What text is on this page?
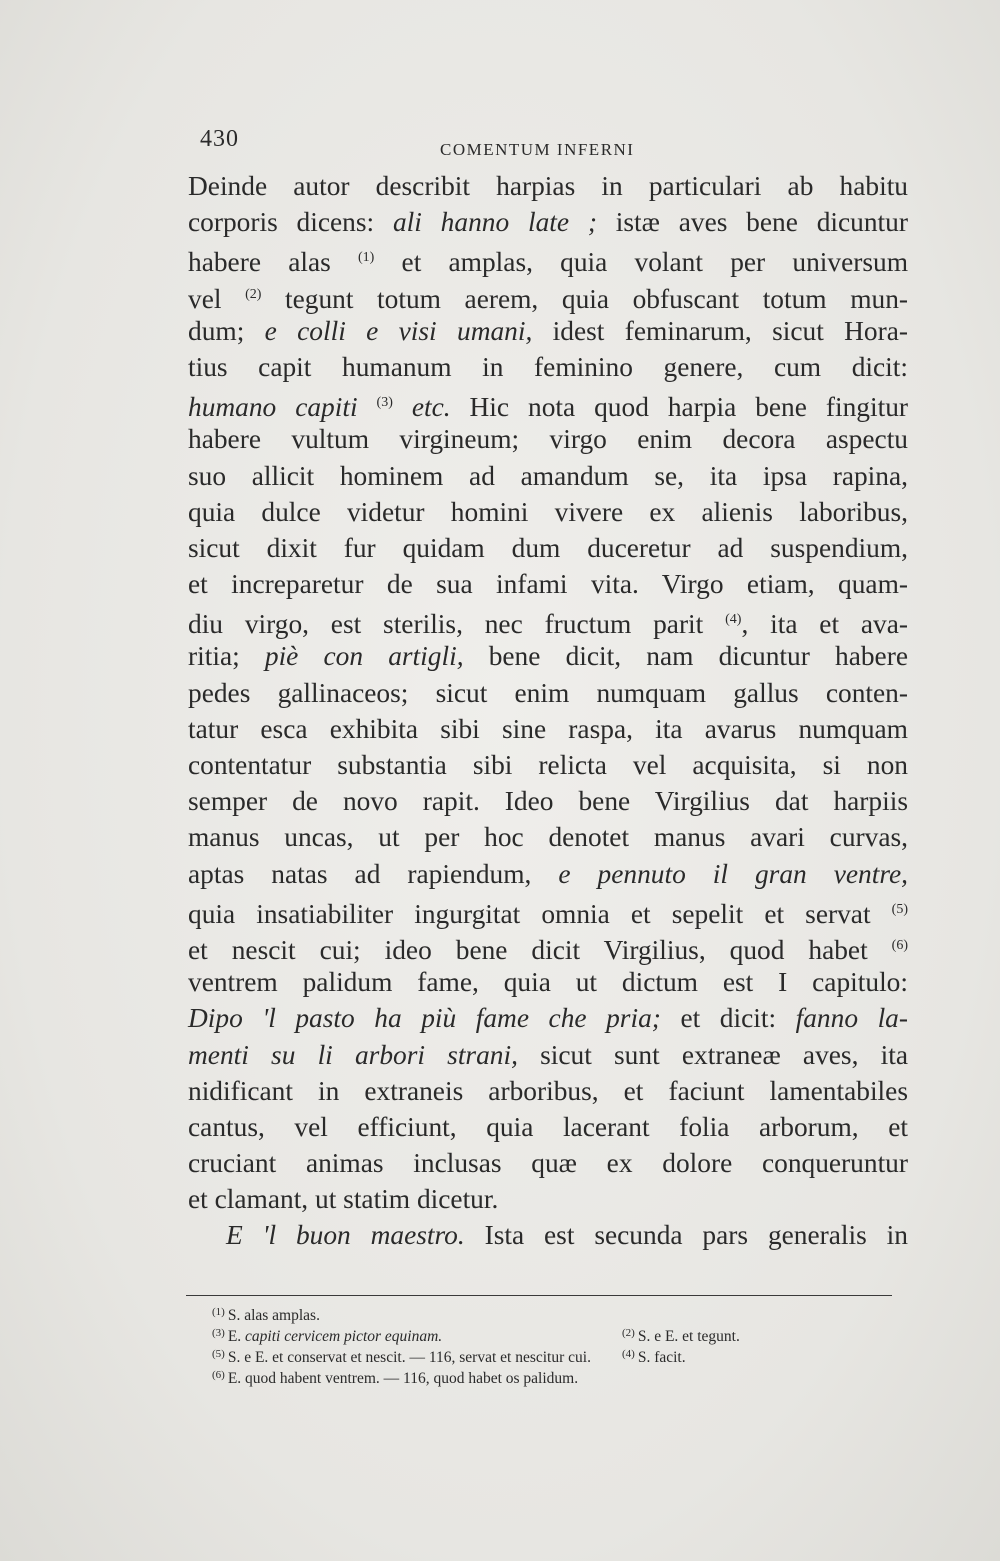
430	COMENTUM INFERNI
Deinde autor describit harpias in particulari ab habitu
corporis dicens: ali hanno late ; istæ aves bene dicuntur
habere alas $^{(1)}$ et amplas, quia volant per universum
vel $^{(2)}$ tegunt totum aerem, quia obfuscant totum mun-
dum; e colli e visi umani, idest feminarum, sicut Hora-
tius capit humanum in feminino genere, cum dicit:
humano capiti $^{(3)}$ etc. Hic nota quod harpia bene fingitur
habere vultum virgineum; virgo enim decora aspectu
suo allicit hominem ad amandum se, ita ipsa rapina,
quia dulce videtur homini vivere ex alienis laboribus,
sicut dixit fur quidam dum duceretur ad suspendium,
et increparetur de sua infami vita. Virgo etiam, quam-
diu virgo, est sterilis, nec fructum parit $^{(4)}$, ita et ava-
ritia; piè con artigli, bene dicit, nam dicuntur habere
pedes gallinaceos; sicut enim numquam gallus conten-
tatur esca exhibita sibi sine raspa, ita avarus numquam
contentatur substantia sibi relicta vel acquisita, si non
semper de novo rapit. Ideo bene Virgilius dat harpiis
manus uncas, ut per hoc denotet manus avari curvas,
aptas natas ad rapiendum, e pennuto il gran ventre,
quia insatiabiliter ingurgitat omnia et sepelit et servat $^{(5)}$
et nescit cui; ideo bene dicit Virgilius, quod habet $^{(6)}$
ventrem palidum fame, quia ut dictum est I capitulo:
Dipo 'l pasto ha più fame che pria; et dicit: fanno la-
menti su li arbori strani, sicut sunt extraneæ aves, ita
nidificant in extraneis arboribus, et faciunt lamentabiles
cantus, vel efficiunt, quia lacerant folia arborum, et
cruciant animas inclusas quæ ex dolore conqueruntur
et clamant, ut statim dicetur.
E 'l buon maestro. Ista est secunda pars generalis in
$^{(1)}$ S. alas amplas.
$^{(3)}$ E. capiti cervicem pictor equinam.	$^{(2)}$ S. e E. et tegunt.
$^{(5)}$ S. e E. et conservat et nescit. — 116, servat et nescitur cui.	$^{(4)}$ S. facit.
$^{(6)}$ E. quod habent ventrem. — 116, quod habet os palidum.
